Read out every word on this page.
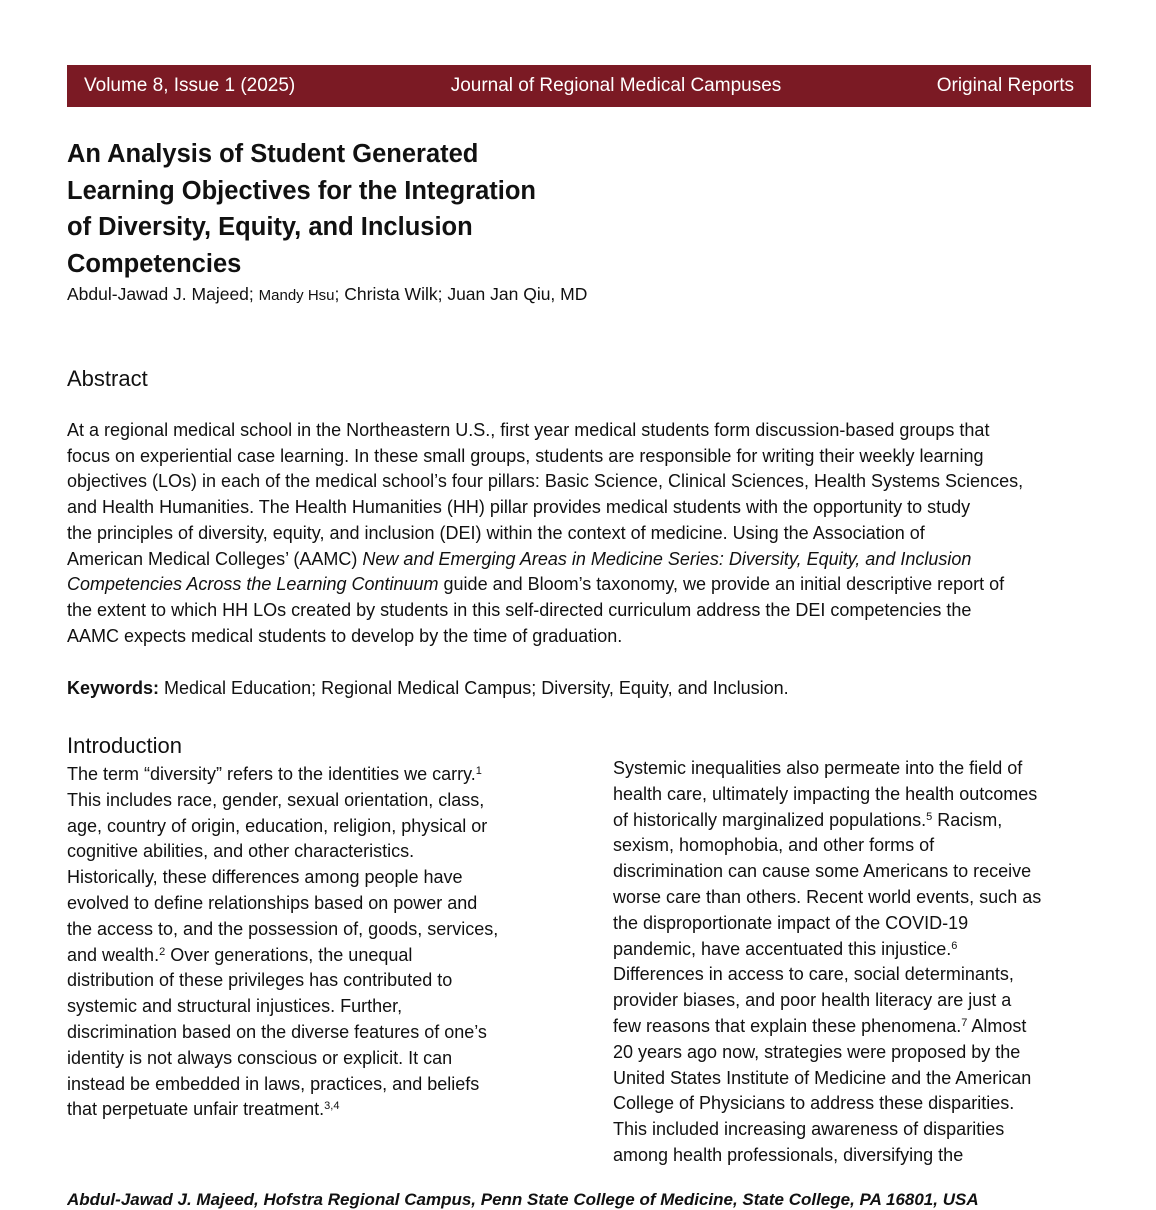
Volume 8, Issue 1 (2025)	Journal of Regional Medical Campuses	Original Reports
An Analysis of Student Generated
Learning Objectives for the Integration
of Diversity, Equity, and Inclusion
Competencies
Abdul-Jawad J. Majeed; Mandy Hsu; Christa Wilk; Juan Jan Qiu, MD
Abstract

At a regional medical school in the Northeastern U.S., first year medical students form discussion-based groups that
focus on experiential case learning. In these small groups, students are responsible for writing their weekly learning
objectives (LOs) in each of the medical school’s four pillars: Basic Science, Clinical Sciences, Health Systems Sciences,
and Health Humanities. The Health Humanities (HH) pillar provides medical students with the opportunity to study
the principles of diversity, equity, and inclusion (DEI) within the context of medicine. Using the Association of
American Medical Colleges’ (AAMC) New and Emerging Areas in Medicine Series: Diversity, Equity, and Inclusion
Competencies Across the Learning Continuum guide and Bloom’s taxonomy, we provide an initial descriptive report of
the extent to which HH LOs created by students in this self-directed curriculum address the DEI competencies the
AAMC expects medical students to develop by the time of graduation.

Keywords: Medical Education; Regional Medical Campus; Diversity, Equity, and Inclusion.

Introduction

The term “diversity” refers to the identities we carry.$^1$
This includes race, gender, sexual orientation, class,
age, country of origin, education, religion, physical or
cognitive abilities, and other characteristics.
Historically, these differences among people have
evolved to define relationships based on power and
the access to, and the possession of, goods, services,
and wealth.$^2$ Over generations, the unequal
distribution of these privileges has contributed to
systemic and structural injustices. Further,
discrimination based on the diverse features of one’s
identity is not always conscious or explicit. It can
instead be embedded in laws, practices, and beliefs
that perpetuate unfair treatment.$^{3,4}$

Systemic inequalities also permeate into the field of
health care, ultimately impacting the health outcomes
of historically marginalized populations.$^5$ Racism,
sexism, homophobia, and other forms of
discrimination can cause some Americans to receive
worse care than others. Recent world events, such as
the disproportionate impact of the COVID-19
pandemic, have accentuated this injustice.$^6$
Differences in access to care, social determinants,
provider biases, and poor health literacy are just a
few reasons that explain these phenomena.$^7$ Almost
20 years ago now, strategies were proposed by the
United States Institute of Medicine and the American
College of Physicians to address these disparities.
This included increasing awareness of disparities
among health professionals, diversifying the

Abdul-Jawad J. Majeed, Hofstra Regional Campus, Penn State College of Medicine, State College, PA 16801, USA
